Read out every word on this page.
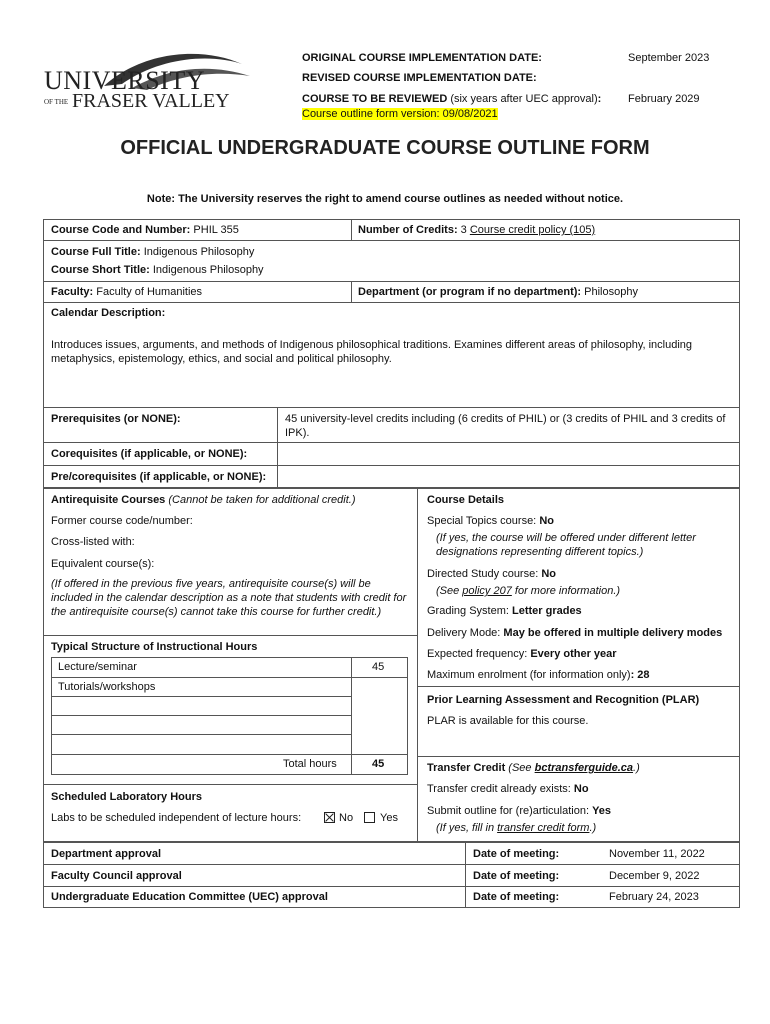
UNIVERSITY
OF THE FRASER VALLEY
ORIGINAL COURSE IMPLEMENTATION DATE:	September 2023
REVISED COURSE IMPLEMENTATION DATE:
COURSE TO BE REVIEWED (six years after UEC approval): February 2029
Course outline form version: 09/08/2021
OFFICIAL UNDERGRADUATE COURSE OUTLINE FORM
Note: The University reserves the right to amend course outlines as needed without notice.
Course Code and Number: PHIL 355	Number of Credits: 3 Course credit policy (105)
Course Full Title: Indigenous Philosophy
Course Short Title: Indigenous Philosophy
Faculty: Faculty of Humanities	Department (or program if no department): Philosophy
Calendar Description:
Introduces issues, arguments, and methods of Indigenous philosophical traditions. Examines different areas of philosophy, including metaphysics, epistemology, ethics, and social and political philosophy.
Prerequisites (or NONE):	45 university-level credits including (6 credits of PHIL) or (3 credits of PHIL and 3 credits of IPK).
Corequisites (if applicable, or NONE):
Pre/corequisites (if applicable, or NONE):
Antirequisite Courses (Cannot be taken for additional credit.)
Former course code/number:
Cross-listed with:
Equivalent course(s):
(If offered in the previous five years, antirequisite course(s) will be included in the calendar description as a note that students with credit for the antirequisite course(s) cannot take this course for further credit.)
Typical Structure of Instructional Hours
Lecture/seminar	45
Tutorials/workshops
Total hours	45
Scheduled Laboratory Hours
Labs to be scheduled independent of lecture hours:	No Yes
Course Details
Special Topics course: No
(If yes, the course will be offered under different letter designations representing different topics.)
Directed Study course: No
(See policy 207 for more information.)
Grading System: Letter grades
Delivery Mode: May be offered in multiple delivery modes
Expected frequency: Every other year
Maximum enrolment (for information only): 28
Prior Learning Assessment and Recognition (PLAR)
PLAR is available for this course.
Transfer Credit (See bctransferguide.ca.)
Transfer credit already exists: No
Submit outline for (re)articulation: Yes
(If yes, fill in transfer credit form.)
Department approval	Date of meeting:	November 11, 2022
Faculty Council approval	Date of meeting:	December 9, 2022
Undergraduate Education Committee (UEC) approval	Date of meeting:	February 24, 2023
